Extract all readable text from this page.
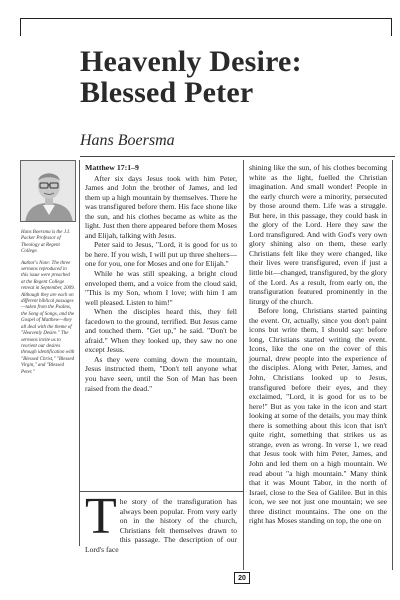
Heavenly Desire:
Blessed Peter
Hans Boersma

Hans Boersma is the J.I. Packer Professor of Theology at Regent College.

Author's Note: The three sermons reproduced in this issue were preached at the Regent College retreat in September, 2009. Although they are each on different biblical passages—taken from the Psalms, the Song of Songs, and the Gospel of Matthew—they all deal with the theme of "Heavenly Desire." The sermons invite us to reorient our desires through identification with "Blessed Christ," "Blessed Virgin," and "Blessed Peter."

Matthew 17:1–9

After six days Jesus took with him Peter, James and John the brother of James, and led them up a high mountain by themselves. There he was transfigured before them. His face shone like the sun, and his clothes became as white as the light. Just then there appeared before them Moses and Elijah, talking with Jesus.

Peter said to Jesus, "Lord, it is good for us to be here. If you wish, I will put up three shelters—one for you, one for Moses and one for Elijah."

While he was still speaking, a bright cloud enveloped them, and a voice from the cloud said, "This is my Son, whom I love; with him I am well pleased. Listen to him!"

When the disciples heard this, they fell facedown to the ground, terrified. But Jesus came and touched them. "Get up," he said. "Don't be afraid." When they looked up, they saw no one except Jesus.

As they were coming down the mountain, Jesus instructed them, "Don't tell anyone what you have seen, until the Son of Man has been raised from the dead."

T he story of the transfiguration has always been popular. From very early on in the history of the church, Christians felt themselves drawn to this passage. The description of our Lord's face

shining like the sun, of his clothes becoming white as the light, fuelled the Christian imagination. And small wonder! People in the early church were a minority, persecuted by those around them. Life was a struggle. But here, in this passage, they could bask in the glory of the Lord. Here they saw the Lord transfigured. And with God's very own glory shining also on them, these early Christians felt like they were changed, like their lives were transfigured, even if just a little bit—changed, transfigured, by the glory of the Lord. As a result, from early on, the transfiguration featured prominently in the liturgy of the church.

Before long, Christians started painting the event. Or, actually, since you don't paint icons but write them, I should say: before long, Christians started writing the event. Icons, like the one on the cover of this journal, drew people into the experience of the disciples. Along with Peter, James, and John, Christians looked up to Jesus, transfigured before their eyes, and they exclaimed, "Lord, it is good for us to be here!" But as you take in the icon and start looking at some of the details, you may think there is something about this icon that isn't quite right, something that strikes us as strange, even as wrong. In verse 1, we read that Jesus took with him Peter, James, and John and led them on a high mountain. We read about "a high mountain." Many think that it was Mount Tabor, in the north of Israel, close to the Sea of Galilee. But in this icon, we see not just one mountain; we see three distinct mountains. The one on the right has Moses standing on top, the one on

20
